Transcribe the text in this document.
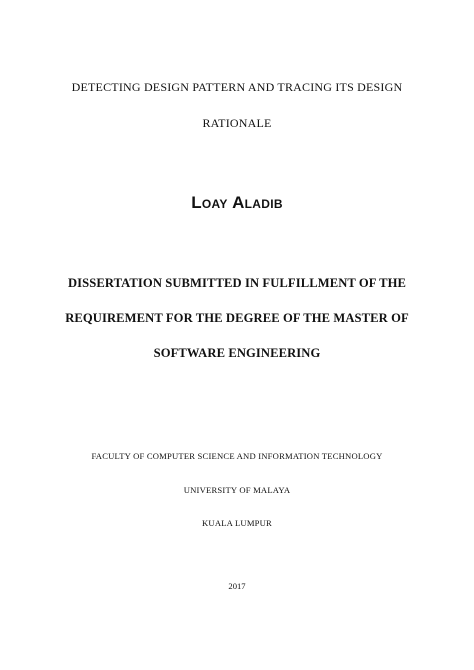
DETECTING DESIGN PATTERN AND TRACING ITS DESIGN
RATIONALE
Loay Aladib
DISSERTATION SUBMITTED IN FULFILLMENT OF THE
REQUIREMENT FOR THE DEGREE OF THE MASTER OF
SOFTWARE ENGINEERING
FACULTY OF COMPUTER SCIENCE AND INFORMATION TECHNOLOGY
UNIVERSITY OF MALAYA
KUALA LUMPUR
2017
